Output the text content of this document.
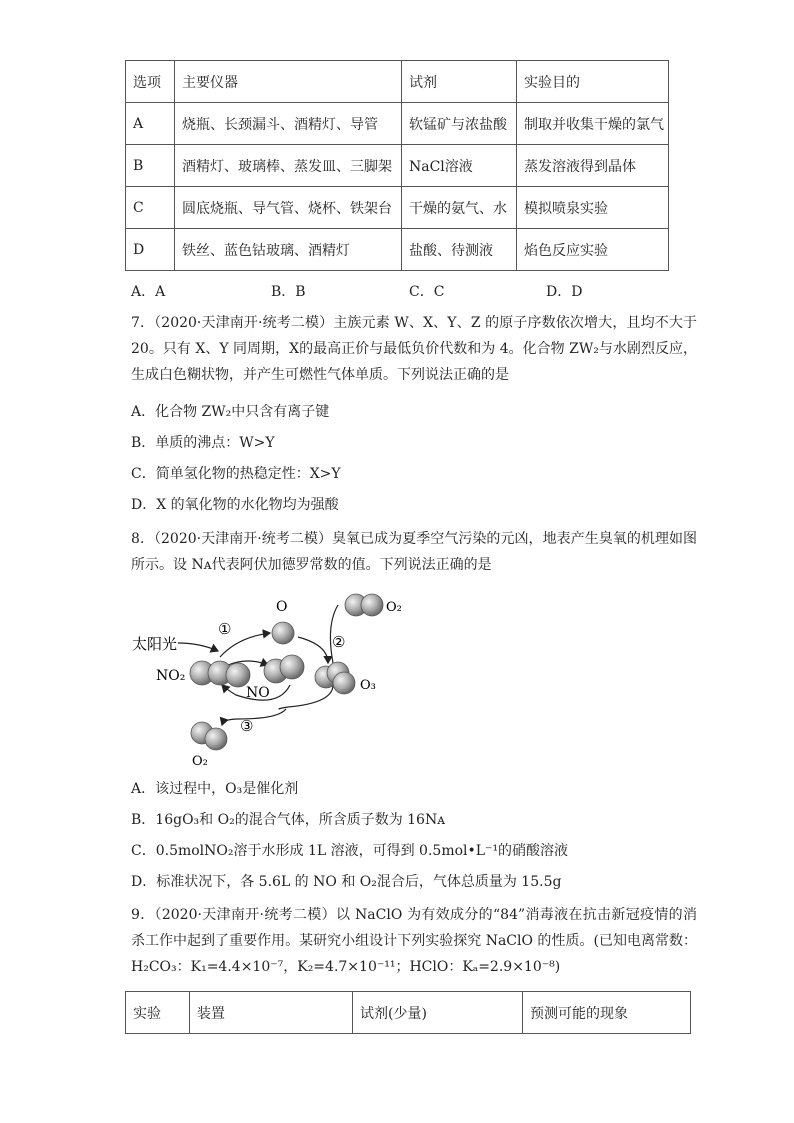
选项	主要仪器	试剂	实验目的
A	烧瓶、长颈漏斗、酒精灯、导管	软锰矿与浓盐酸	制取并收集干燥的氯气
B	酒精灯、玻璃棒、蒸发皿、三脚架	NaCl溶液	蒸发溶液得到晶体
C	圆底烧瓶、导气管、烧杯、铁架台	干燥的氨气、水	模拟喷泉实验
D	铁丝、蓝色钴玻璃、酒精灯	盐酸、待测液	焰色反应实验
A．A	B．B	C．C	D．D
7．（2020·天津南开·统考二模）主族元素 W、X、Y、Z 的原子序数依次增大，且均不大于 20。只有 X、Y 同周期，X的最高正价与最低负价代数和为 4。化合物 ZW₂与水剧烈反应，生成白色糊状物，并产生可燃性气体单质。下列说法正确的是
A．化合物 ZW₂中只含有离子键
B．单质的沸点：W>Y
C．简单氢化物的热稳定性：X>Y
D．X 的氧化物的水化物均为强酸
8．（2020·天津南开·统考二模）臭氧已成为夏季空气污染的元凶，地表产生臭氧的机理如图所示。设 Nᴀ代表阿伏加德罗常数的值。下列说法正确的是
太阳光
O	O₂
NO₂
NO	O₃
O₂
①
②
③
A．该过程中，O₃是催化剂
B．16gO₃和 O₂的混合气体，所含质子数为 16Nᴀ
C．0.5molNO₂溶于水形成 1L 溶液，可得到 0.5mol•L⁻¹的硝酸溶液
D．标准状况下，各 5.6L 的 NO 和 O₂混合后，气体总质量为 15.5g
9．（2020·天津南开·统考二模）以 NaClO 为有效成分的“84”消毒液在抗击新冠疫情的消杀工作中起到了重要作用。某研究小组设计下列实验探究 NaClO 的性质。(已知电离常数：H₂CO₃：K₁=4.4×10⁻⁷，K₂=4.7×10⁻¹¹；HClO：Kₐ=2.9×10⁻⁸)
实验	装置	试剂(少量)	预测可能的现象
